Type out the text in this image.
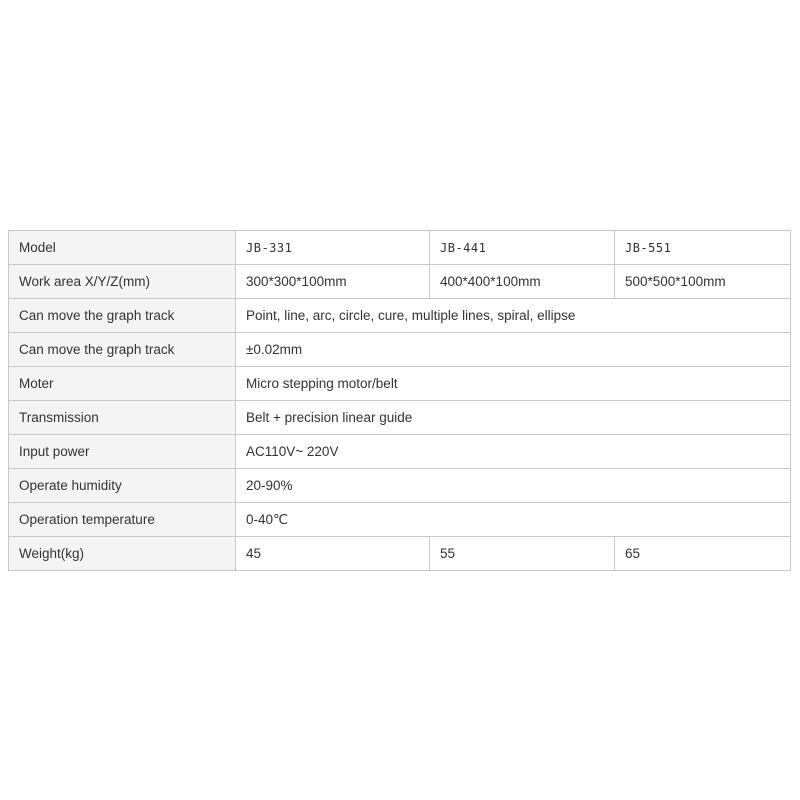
Model	JB-331	JB-441	JB-551
Work area X/Y/Z(mm)	300*300*100mm	400*400*100mm	500*500*100mm
Can move the graph track	Point, line, arc, circle, cure, multiple lines, spiral, ellipse		
Can move the graph track	±0.02mm		
Moter	Micro stepping motor/belt		
Transmission	Belt + precision linear guide		
Input power	AC110V~ 220V		
Operate humidity	20-90%		
Operation temperature	0-40℃		
Weight(kg)	45	55	65
